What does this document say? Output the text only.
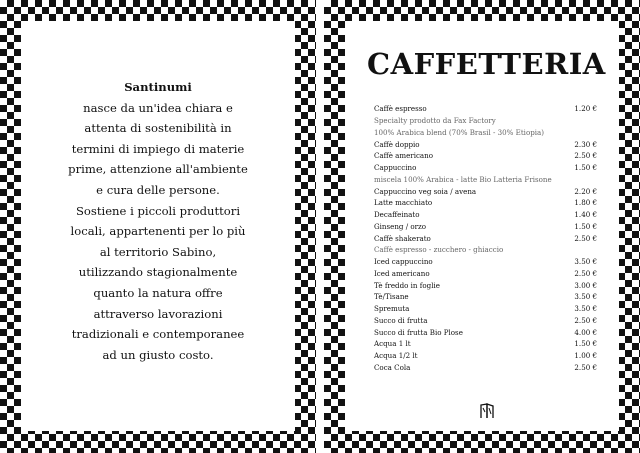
Santinumi
nasce da un'idea chiara e
attenta di sostenibilità in
termini di impiego di materie
prime, attenzione all'ambiente
e cura delle persone.
Sostiene i piccoli produttori
locali, appartenenti per lo più
al territorio Sabino,
utilizzando stagionalmente
quanto la natura offre
attraverso lavorazioni
tradizionali e contemporanee
ad un giusto costo.
CAFFETTERIA
Caffè espresso	1.20 €
Specialty prodotto da Fax Factory
100% Arabica blend (70% Brasil - 30% Etiopia)
Caffè doppio	2.30 €
Caffè americano	2.50 €
Cappuccino	1.50 €
miscela 100% Arabica - latte Bio Latteria Frisone
Cappuccino veg soia / avena	2.20 €
Latte macchiato	1.80 €
Decaffeinato	1.40 €
Ginseng / orzo	1.50 €
Caffè shakerato	2.50 €
Caffè espresso - zucchero - ghiaccio
Iced cappuccino	3.50 €
Iced americano	2.50 €
Tè freddo in foglie	3.00 €
Tè/Tisane	3.50 €
Spremuta	3.50 €
Succo di frutta	2.50 €
Succo di frutta Bio Plose	4.00 €
Acqua 1 lt	1.50 €
Acqua 1/2 lt	1.00 €
Coca Cola	2.50 €
